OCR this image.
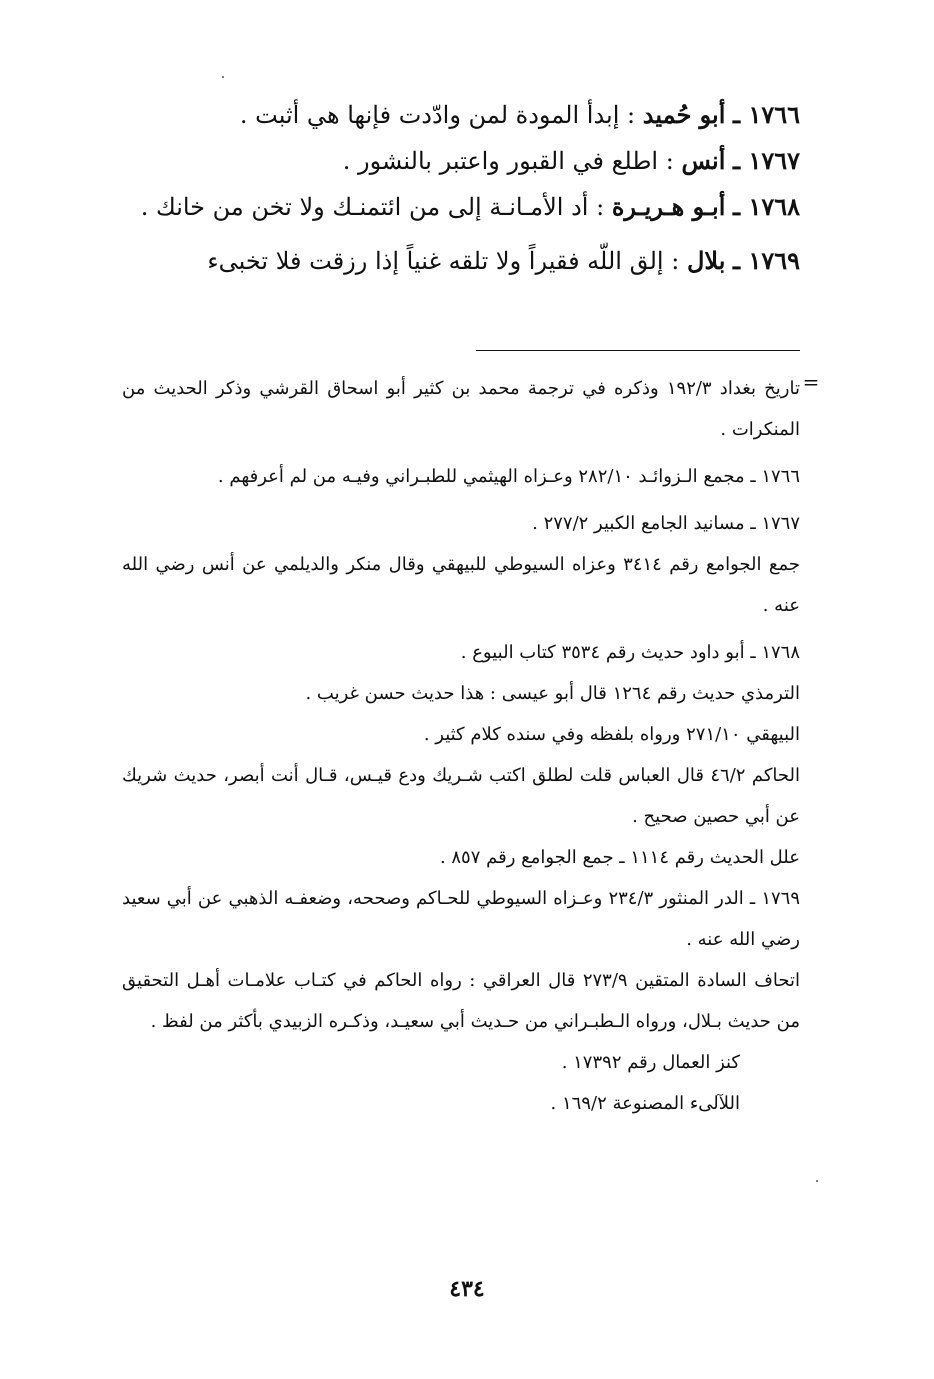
١٧٦٦ ـ أبو حُميد : إبدأ المودة لمن وادّدت فإنها هي أثبت .

١٧٦٧ ـ أنس : اطلع في القبور واعتبر بالنشور .

١٧٦٨ ـ أبـو هـريـرة : أد الأمـانـة إلى من ائتمنـك ولا تخن من خانك .

١٧٦٩ ـ بلال : إلق اللّه فقيراً ولا تلقه غنياً إذا رزقت فلا تخبىء

=

تاريخ بغداد ١٩٢/٣ وذكره في ترجمة محمد بن كثير أبو اسحاق القرشي وذكر الحديث من المنكرات .

١٧٦٦ ـ مجمع الـزوائـد ٢٨٢/١٠ وعـزاه الهيثمي للطبـراني وفيـه من لم أعرفهم .

١٧٦٧ ـ مسانيد الجامع الكبير ٢٧٧/٢ .

جمع الجوامع رقم ٣٤١٤ وعزاه السيوطي للبيهقي وقال منكر والديلمي عن أنس رضي الله عنه .

١٧٦٨ ـ أبو داود حديث رقم ٣٥٣٤ كتاب البيوع .

الترمذي حديث رقم ١٢٦٤ قال أبو عيسى : هذا حديث حسن غريب .

البيهقي ٢٧١/١٠ ورواه بلفظه وفي سنده كلام كثير .

الحاكم ٤٦/٢ قال العباس قلت لطلق اكتب شـريك ودع قيـس، قـال أنت أبصر، حديث شريك عن أبي حصين صحيح .

علل الحديث رقم ١١١٤ ـ جمع الجوامع رقم ٨٥٧ .

١٧٦٩ ـ الدر المنثور ٢٣٤/٣ وعـزاه السيوطي للحـاكم وصححه، وضعفـه الذهبي عن أبي سعيد رضي الله عنه .

اتحاف السادة المتقين ٢٧٣/٩ قال العراقي : رواه الحاكم في كتـاب علامـات أهـل التحقيق من حديث بـلال، ورواه الـطبـراني من حـديث أبي سعيـد، وذكـره الزبيدي بأكثر من لفظ .

كنز العمال رقم ١٧٣٩٢ .

اللآلىء المصنوعة ١٦٩/٢ .

٤٣٤
